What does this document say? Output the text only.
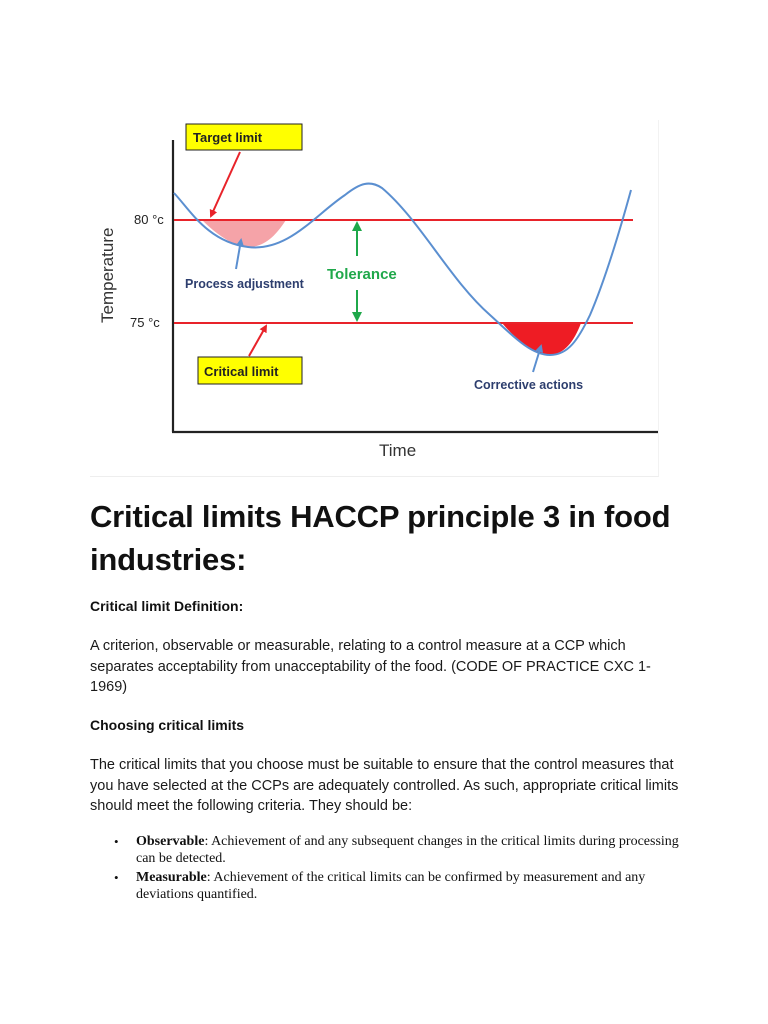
80 °c
75 °c
Temperature
Time
Target limit
Critical limit
Process adjustment
Tolerance
Corrective actions
Critical limits HACCP principle 3 in food industries:

Critical limit Definition:

A criterion, observable or measurable, relating to a control measure at a CCP which separates acceptability from unacceptability of the food. (CODE OF PRACTICE CXC 1-1969)

Choosing critical limits

The critical limits that you choose must be suitable to ensure that the control measures that you have selected at the CCPs are adequately controlled. As such, appropriate critical limits should meet the following criteria. They should be:

• Observable: Achievement of and any subsequent changes in the critical limits during processing can be detected.
• Measurable: Achievement of the critical limits can be confirmed by measurement and any deviations quantified.
